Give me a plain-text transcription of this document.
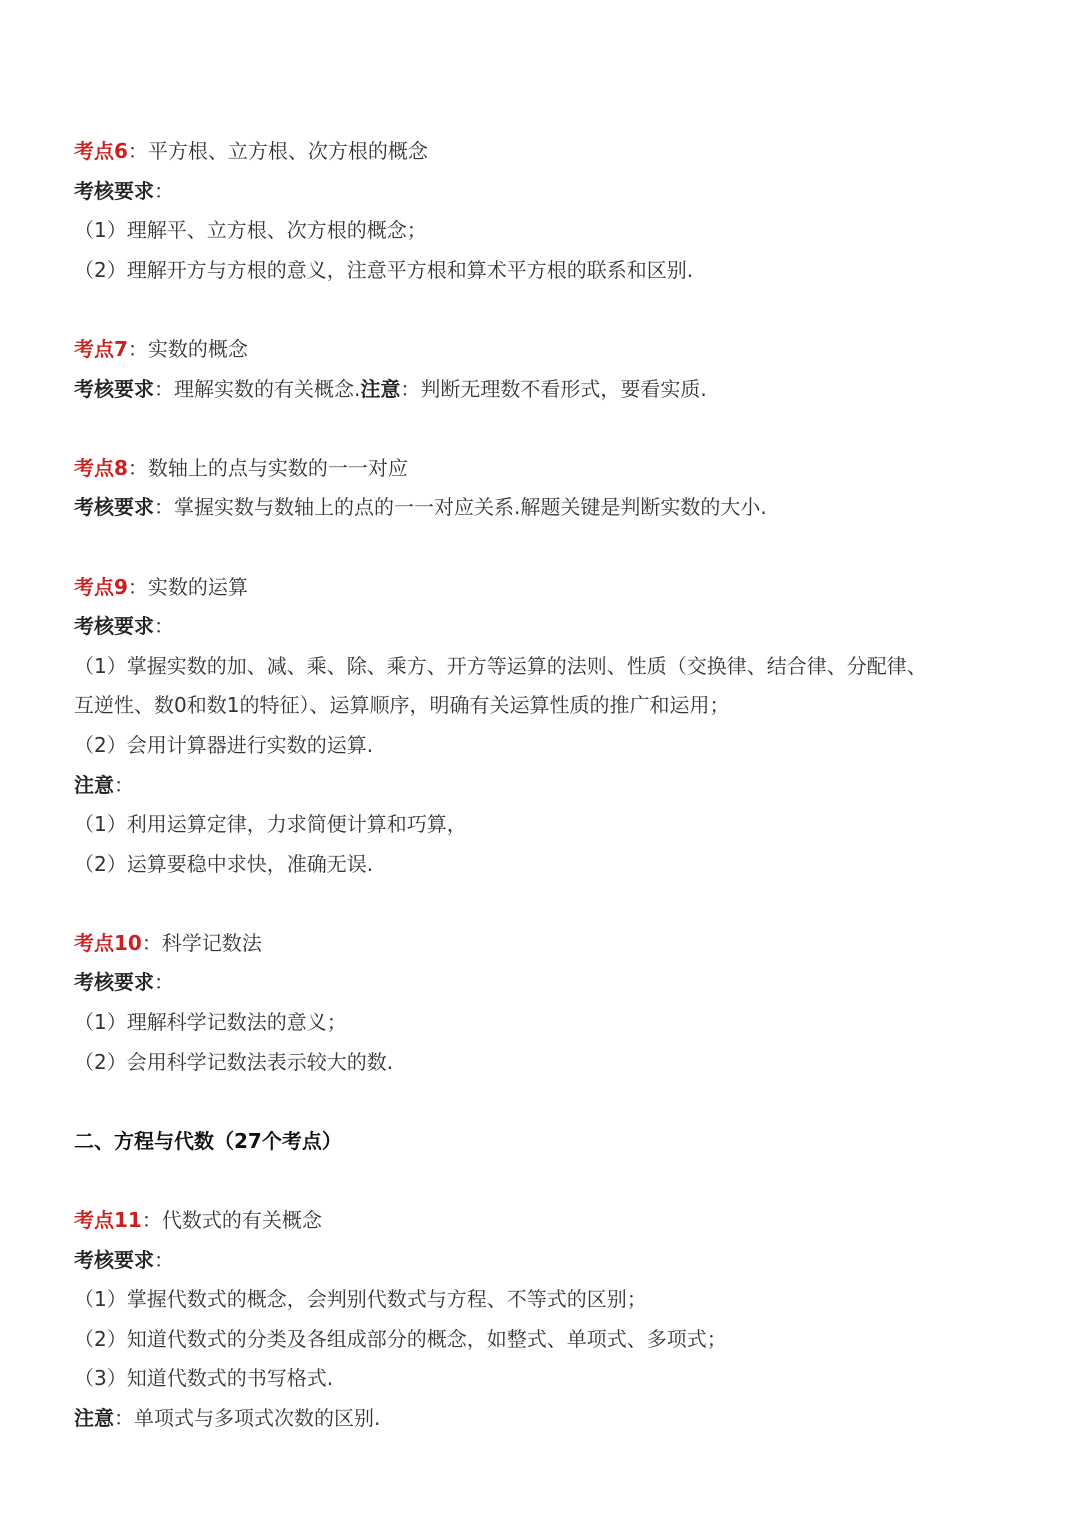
考点6：平方根、立方根、次方根的概念
考核要求：
（1）理解平、立方根、次方根的概念；
（2）理解开方与方根的意义，注意平方根和算术平方根的联系和区别.
考点7：实数的概念
考核要求：理解实数的有关概念.注意：判断无理数不看形式，要看实质.
考点8：数轴上的点与实数的一一对应
考核要求：掌握实数与数轴上的点的一一对应关系.解题关键是判断实数的大小.
考点9：实数的运算
考核要求：
（1）掌握实数的加、减、乘、除、乘方、开方等运算的法则、性质（交换律、结合律、分配律、
互逆性、数0和数1的特征）、运算顺序，明确有关运算性质的推广和运用；
（2）会用计算器进行实数的运算.
注意：
（1）利用运算定律，力求简便计算和巧算，
（2）运算要稳中求快，准确无误.
考点10：科学记数法
考核要求：
（1）理解科学记数法的意义；
（2）会用科学记数法表示较大的数.
二、方程与代数（27个考点）
考点11：代数式的有关概念
考核要求：
（1）掌握代数式的概念，会判别代数式与方程、不等式的区别；
（2）知道代数式的分类及各组成部分的概念，如整式、单项式、多项式；
（3）知道代数式的书写格式.
注意：单项式与多项式次数的区别.
